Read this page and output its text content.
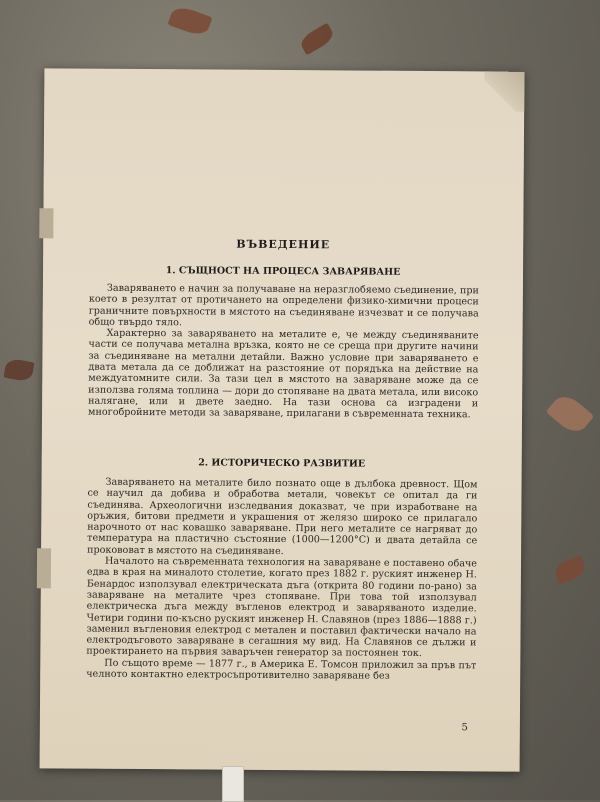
ВЪВЕДЕНИЕ
1. СЪЩНОСТ НА ПРОЦЕСА ЗАВАРЯВАНЕ

Заваряването е начин за получаване на неразглобяемо съединение, при което в резултат от протичането на определени физико-химични процеси граничните повърхности в мястото на съединяване изчезват и се получава общо твърдо тяло.

Характерно за заваряването на металите е, че между съединяваните части се получава метална връзка, която не се среща при другите начини за съединяване на метални детайли. Важно условие при заваряването е двата метала да се доближат на разстояние от порядъка на действие на междуатомните сили. За тази цел в мястото на заваряване може да се използва голяма топлина — дори до стопяване на двата метала, или високо налягане, или и двете заедно. На тази основа са изградени и многобройните методи за заваряване, прилагани в съвременната техника.

2. ИСТОРИЧЕСКО РАЗВИТИЕ

Заваряването на металите било познато още в дълбока древност. Щом се научил да добива и обработва метали, човекът се опитал да ги съединява. Археологични изследвания доказват, че при изработване на оръжия, битови предмети и украшения от желязо широко се прилагало нарочното от нас ковашко заваряване. При него металите се нагряват до температура на пластично състояние (1000—1200°С) и двата детайла се прокововат в мястото на съединяване.

Началото на съвременната технология на заваряване е поставено обаче едва в края на миналото столетие, когато през 1882 г. руският инженер Н. Бенардос използувал електрическата дъга (открита 80 години по-рано) за заваряване на металите чрез стопяване. При това той използувал електрическа дъга между въгленов електрод и заваряваното изделие. Четири години по-късно руският инженер Н. Славянов (през 1886—1888 г.) заменил въгленовия електрод с метален и поставил фактически начало на електродъговото заваряване в сегашния му вид. На Славянов се дължи и проектирането на първия заваръчен генератор за постоянен ток.

По същото време — 1877 г., в Америка Е. Томсон приложил за пръв път челното контактно електросъпротивително заваряване без

5
